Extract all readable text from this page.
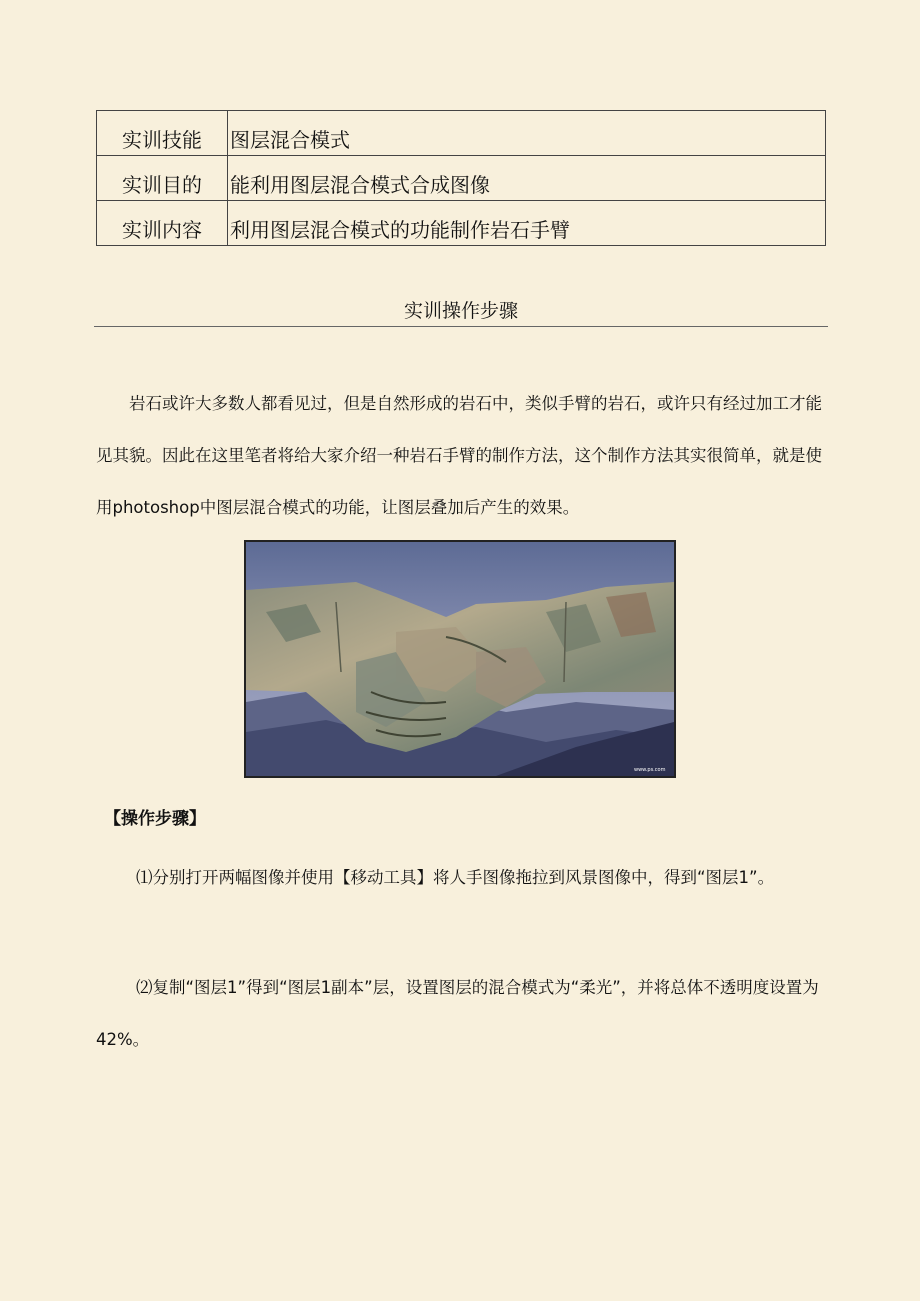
实训技能	图层混合模式
实训目的	能利用图层混合模式合成图像
实训内容	利用图层混合模式的功能制作岩石手臂
实训操作步骤

岩石或许大多数人都看见过，但是自然形成的岩石中，类似手臂的岩石，或许只有经过加工才能见其貌。因此在这里笔者将给大家介绍一种岩石手臂的制作方法，这个制作方法其实很简单，就是使用photoshop中图层混合模式的功能，让图层叠加后产生的效果。

www.ps.com
【操作步骤】

⑴分别打开两幅图像并使用【移动工具】将人手图像拖拉到风景图像中，得到“图层1”。

⑵复制“图层1”得到“图层1副本”层，设置图层的混合模式为“柔光”，并将总体不透明度设置为42%。
